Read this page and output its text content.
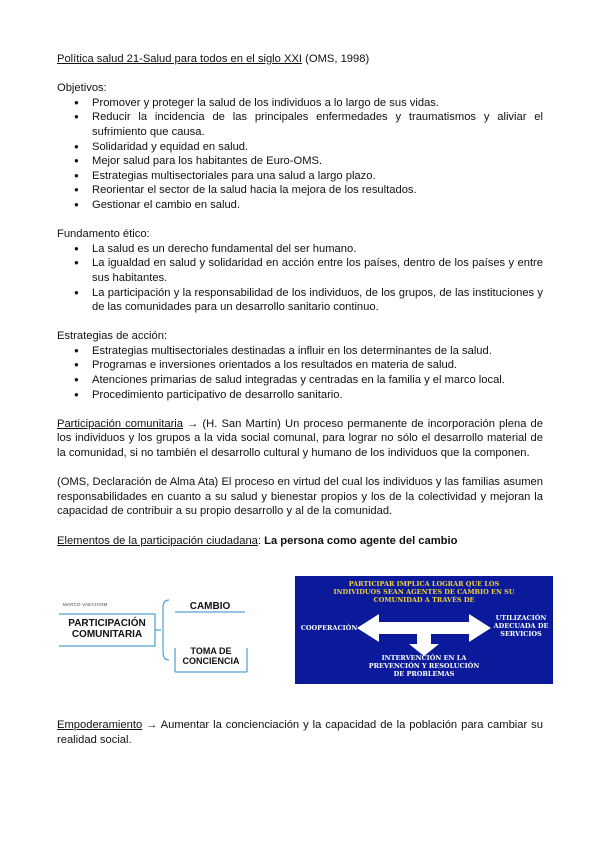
Política salud 21-Salud para todos en el siglo XXI (OMS, 1998)

Objetivos:

● Promover y proteger la salud de los individuos a lo largo de sus vidas.
● Reducir la incidencia de las principales enfermedades y traumatismos y aliviar el sufrimiento que causa.
● Solidaridad y equidad en salud.
● Mejor salud para los habitantes de Euro-OMS.
● Estrategias multisectoriales para una salud a largo plazo.
● Reorientar el sector de la salud hacia la mejora de los resultados.
● Gestionar el cambio en salud.

Fundamento ético:

● La salud es un derecho fundamental del ser humano.
● La igualdad en salud y solidaridad en acción entre los países, dentro de los países y entre sus habitantes.
● La participación y la responsabilidad de los individuos, de los grupos, de las instituciones y de las comunidades para un desarrollo sanitario continuo.

Estrategias de acción:

● Estrategias multisectoriales destinadas a influir en los determinantes de la salud.
● Programas e inversiones orientados a los resultados en materia de salud.
● Atenciones primarias de salud integradas y centradas en la familia y el marco local.
● Procedimiento participativo de desarrollo sanitario.

Participación comunitaria → (H. San Martín) Un proceso permanente de incorporación plena de los individuos y los grupos a la vida social comunal, para lograr no sólo el desarrollo material de la comunidad, si no también el desarrollo cultural y humano de los individuos que la componen.

(OMS, Declaración de Alma Ata) El proceso en virtud del cual los individuos y las familias asumen responsabilidades en cuanto a su salud y bienestar propios y los de la colectividad y mejoran la capacidad de contribuir a su propio desarrollo y al de la comunidad.

Elementos de la participación ciudadana: La persona como agente del cambio

MARCO VAECHIOM
PARTICIPACIÓN COMUNITARIA
CAMBIO
TOMA DE CONCIENCIA
PARTICIPAR IMPLICA LOGRAR QUE LOS INDIVIDUOS SEAN AGENTES DE CAMBIO EN SU COMUNIDAD A TRAVÉS DE
COOPERACIÓN
UTILIZACIÓN ADECUADA DE SERVICIOS
INTERVENCIÓN EN LA PREVENCIÓN Y RESOLUCIÓN DE PROBLEMAS

Empoderamiento → Aumentar la concienciación y la capacidad de la población para cambiar su realidad social.
